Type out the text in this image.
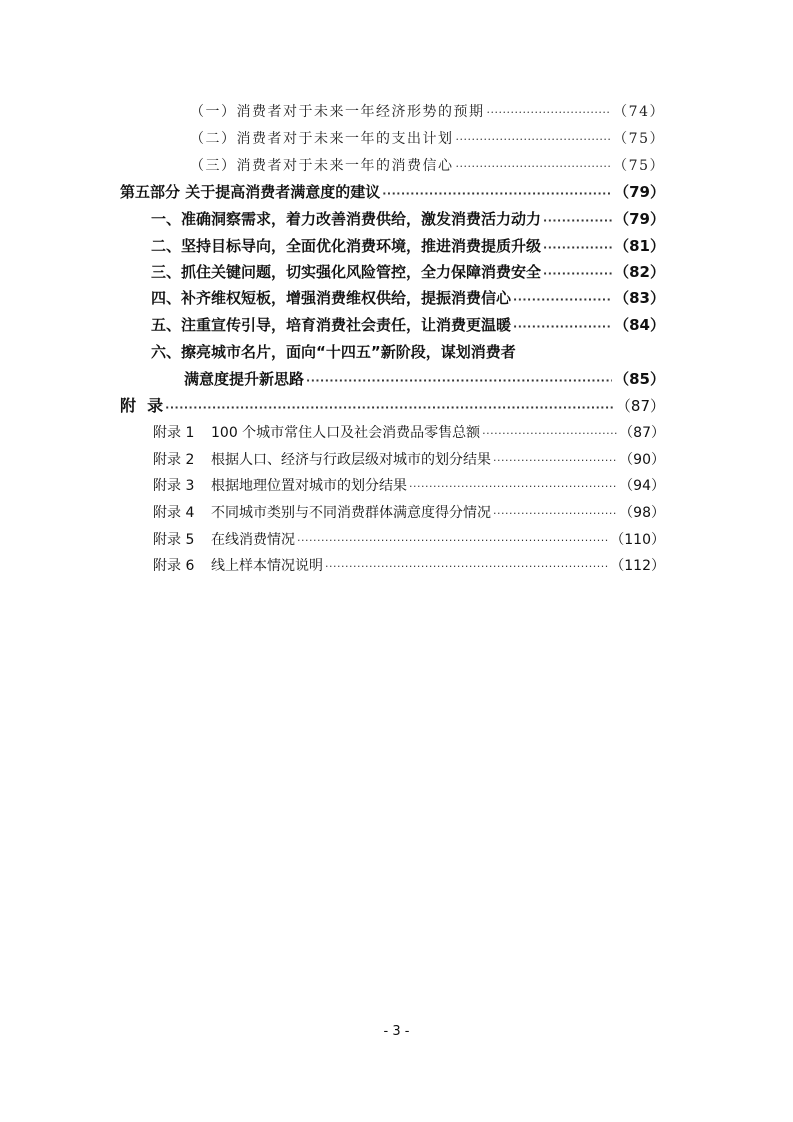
（一）消费者对于未来一年经济形势的预期 ·····	（74）
（二）消费者对于未来一年的支出计划 ·····	（75）
（三）消费者对于未来一年的消费信心 ·····	（75）
第五部分 关于提高消费者满意度的建议 ·····	（79）
一、准确洞察需求，着力改善消费供给，激发消费活力动力 ·····	（79）
二、坚持目标导向，全面优化消费环境，推进消费提质升级 ·····	（81）
三、抓住关键问题，切实强化风险管控，全力保障消费安全 ·····	（82）
四、补齐维权短板，增强消费维权供给，提振消费信心 ·····	（83）
五、注重宣传引导，培育消费社会责任，让消费更温暖 ·····	（84）
六、擦亮城市名片，面向“十四五”新阶段，谋划消费者
满意度提升新思路 ·····	（85）
附  录 ·····	（87）
附录 1	100 个城市常住人口及社会消费品零售总额 ·····	（87）
附录 2	根据人口、经济与行政层级对城市的划分结果 ·····	（90）
附录 3	根据地理位置对城市的划分结果 ·····	（94）
附录 4	不同城市类别与不同消费群体满意度得分情况 ·····	（98）
附录 5	在线消费情况 ·····	（110）
附录 6	线上样本情况说明 ·····	（112）
- 3 -
